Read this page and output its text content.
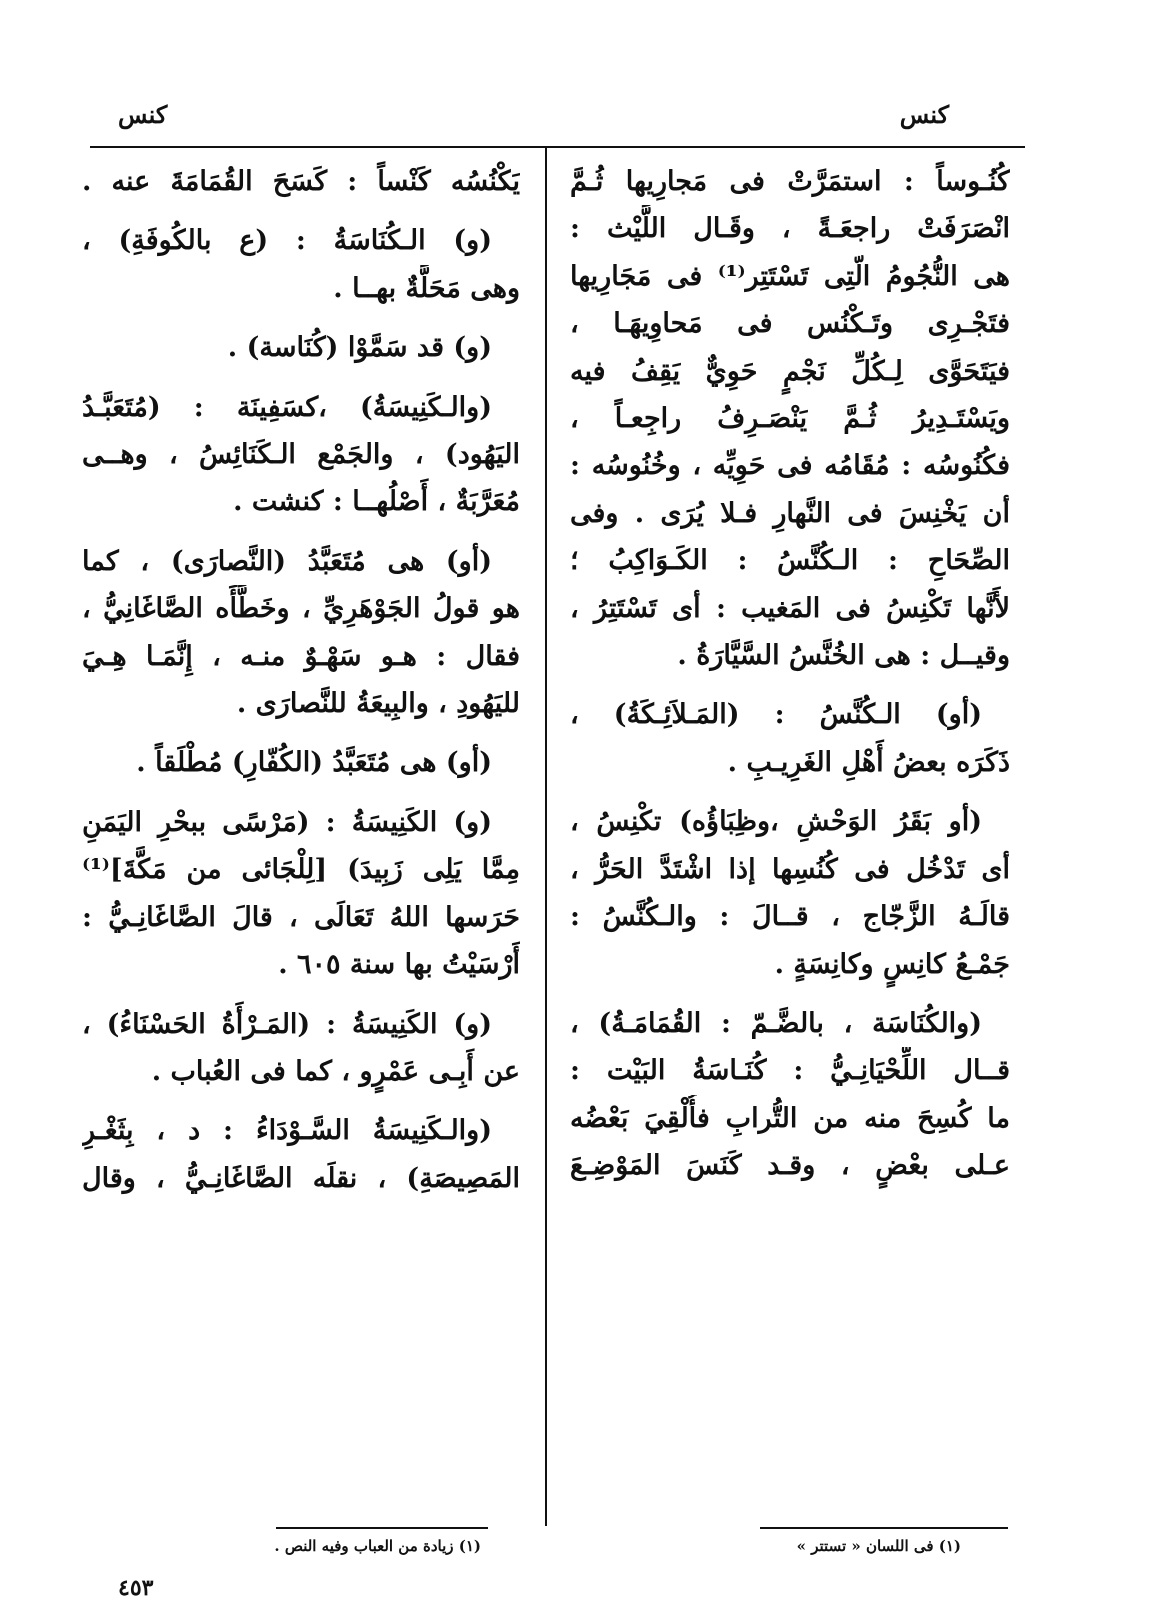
كنس
كنس
كُنُـوساً : استمَرَّتْ فى مَجارِيها ثُـمَّ
انْصَرَفَتْ راجعَـةً ، وقَـال اللَّيْث :
هى النُّجُومُ الّتِى تَسْتَتِر⁽¹⁾ فى مَجَارِيها
فتَجْـرِى وتَـكْنُس فى مَحاوِيهَـا ،
فيَتَحَوَّى لِـكُلِّ نَجْمٍ حَوِيٌّ يَقِفُ فيه
ويَسْتَـدِيرُ ثُـمَّ يَنْصَـرِفُ راجِعـاً ،
فكُنُوسُه : مُقَامُه فى حَوِيِّه ، وخُنُوسُه :
أن يَخْنِسَ فى النَّهارِ فـلا يُرَى . وفى
الصِّحَاحِ : الـكُنَّسُ : الكَـوَاكِبُ ؛
لأَنَّها تَكْنِسُ فى المَغيب : أى تَسْتَتِرُ ،
وقيــل : هى الخُنَّسُ السَّيَّارَةُ .
(أو) الـكُنَّسُ : (المَـلاَئِـكَةُ) ،
ذَكَرَه بعضُ أَهْلِ الغَرِيـبِ .
(أو بَقَرُ الوَحْشِ ،وظِبَاؤُه) تكْنِسُ ،
أى تَدْخُل فى كُنُسِها إذا اشْتَدَّ الحَرُّ ،
قالَـهُ الزَّجّاج ، قــالَ : والـكُنَّسُ :
جَمْـعُ كانِسٍ وكانِسَةٍ .
(والكُنَاسَة ، بالضَّـمّ : القُمَامَـةُ) ،
قــال اللِّحْيَانِـيُّ : كُنَـاسَةُ البَيْت :
ما كُسِحَ منه من التُّرابِ فأُلْقِيَ بَعْضُه
عـلى بعْضٍ ، وقـد كَنَسَ المَوْضِـعَ
يَكْنُسُه كَنْساً : كَسَحَ القُمَامَةَ عنه .
(و) الـكُنَاسَةُ : (ع بالكُوفَةِ) ،
وهى مَحَلَّةٌ بهــا .
(و) قد سَمَّوْا (كُنَاسة) .
(والـكَنِيسَةُ) ،كسَفِينَة : (مُتَعَبَّـدُ
اليَهُود) ، والجَمْع الـكَنَائِسُ ، وهــى
مُعَرَّبَةٌ ، أَصْلُهــا : كنشت .
(أو) هى مُتَعَبَّدُ (النَّصارَى) ، كما
هو قولُ الجَوْهَرِيِّ ، وخَطَّأَه الصَّاغَانِيُّ ،
فقال : هـو سَهْـوٌ منـه ، إِنَّمَـا هِـيَ
لليَهُودِ ، والبِيعَةُ للنَّصارَى .
(أو) هى مُتَعَبَّدُ (الكُفّارِ) مُطْلَقاً .
(و) الكَنِيسَةُ : (مَرْسًى ببحْرِ اليَمَنِ
مِمَّا يَلِى زَبِيدَ) [لِلْجَائى من مَكَّةَ]⁽¹⁾
حَرَسها اللهُ تَعَالَى ، قالَ الصَّاغَانِـيُّ :
أَرْسَيْتُ بها سنة ٦٠٥ .
(و) الكَنِيسَةُ : (المَـرْأَةُ الحَسْنَاءُ) ،
عن أَبِـى عَمْرٍو ، كما فى العُباب .
(والـكَنِيسَةُ السَّـوْدَاءُ : د ، بِثَغْـرِ
المَصِيصَةِ) ، نقلَه الصَّاغَانِـيُّ ، وقال
(١) فى اللسان « تستتر »
(١) زيادة من العباب وفيه النص .
٤٥٣
